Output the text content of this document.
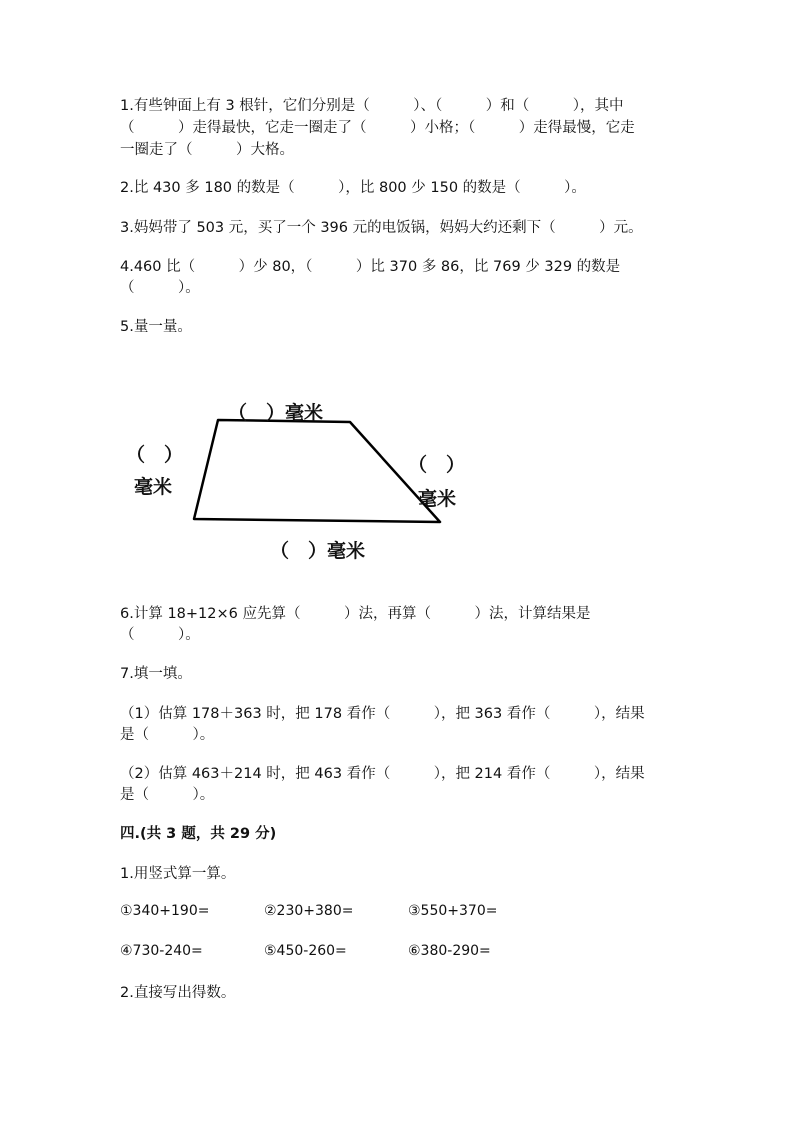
1.有些钟面上有 3 根针，它们分别是（　　　）、（　　　）和（　　　），其中
（　　　）走得最快，它走一圈走了（　　　）小格；（　　　）走得最慢，它走
一圈走了（　　　）大格。
2.比 430 多 180 的数是（　　　），比 800 少 150 的数是（　　　）。
3.妈妈带了 503 元，买了一个 396 元的电饭锅，妈妈大约还剩下（　　　）元。
4.460 比（　　　）少 80，（　　　）比 370 多 86，比 769 少 329 的数是
（　　　）。
5.量一量。
（　）毫米
（　）
毫米
（　）
毫米
（　）毫米
6.计算 18+12×6 应先算（　　　）法，再算（　　　）法，计算结果是
（　　　）。
7.填一填。
（1）估算 178＋363 时，把 178 看作（　　　），把 363 看作（　　　），结果
是（　　　）。
（2）估算 463＋214 时，把 463 看作（　　　），把 214 看作（　　　），结果
是（　　　）。
四.(共 3 题，共 29 分)
1.用竖式算一算。
①340+190=	②230+380=	③550+370=
④730-240=	⑤450-260=	⑥380-290=
2.直接写出得数。
